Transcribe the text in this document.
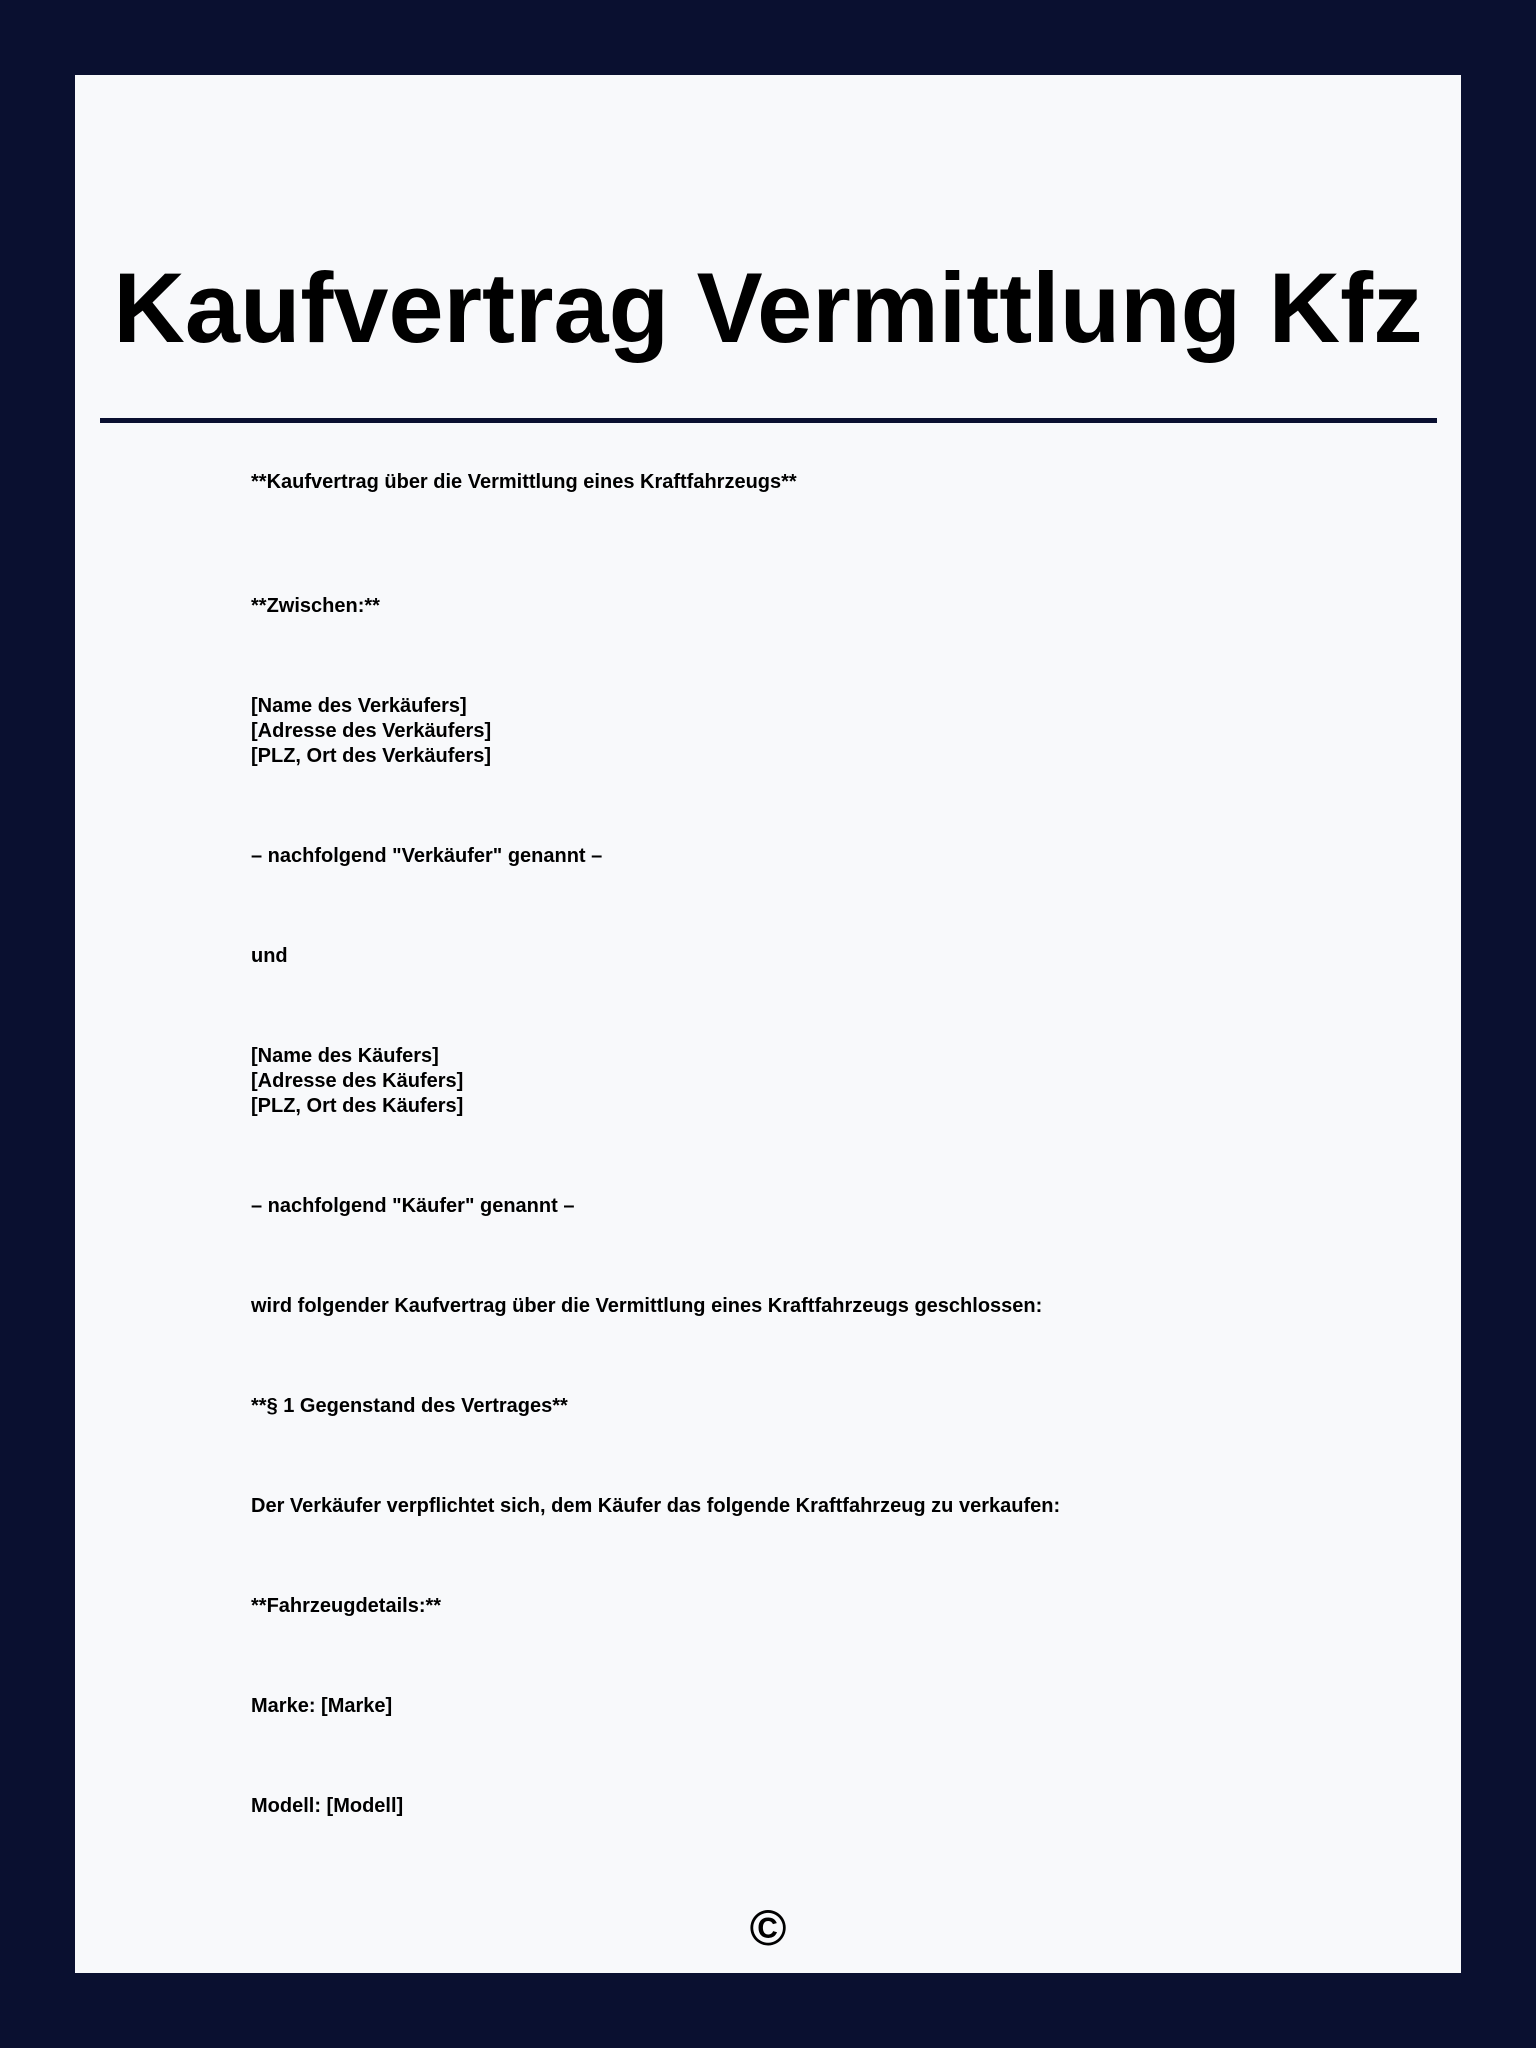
Kaufvertrag Vermittlung Kfz

**Kaufvertrag über die Vermittlung eines Kraftfahrzeugs**

**Zwischen:**

[Name des Verkäufers]
[Adresse des Verkäufers]
[PLZ, Ort des Verkäufers]

– nachfolgend "Verkäufer" genannt –

und

[Name des Käufers]
[Adresse des Käufers]
[PLZ, Ort des Käufers]

– nachfolgend "Käufer" genannt –

wird folgender Kaufvertrag über die Vermittlung eines Kraftfahrzeugs geschlossen:

**§ 1 Gegenstand des Vertrages**

Der Verkäufer verpflichtet sich, dem Käufer das folgende Kraftfahrzeug zu verkaufen:

**Fahrzeugdetails:**

Marke: [Marke]

Modell: [Modell]

©
